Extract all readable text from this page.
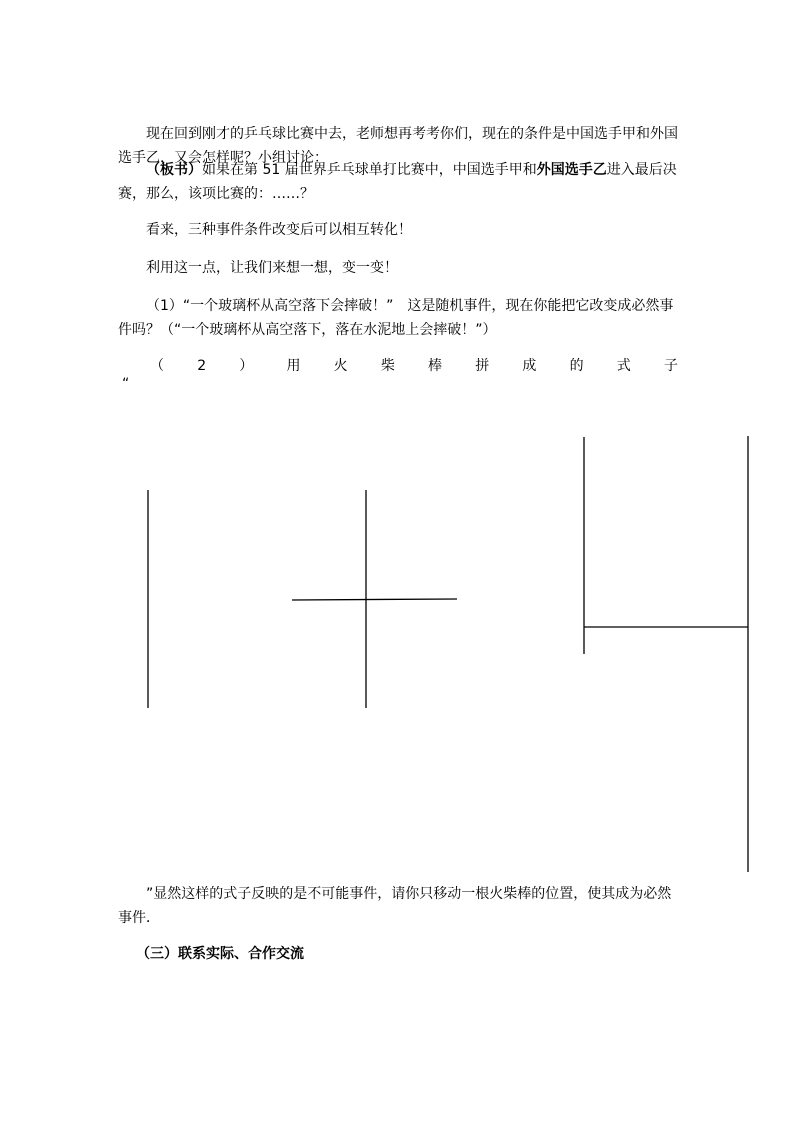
现在回到刚才的乒乓球比赛中去，老师想再考考你们，现在的条件是中国选手甲和外国选手乙，又会怎样呢？小组讨论：

（板书）如果在第 51 届世界乒乓球单打比赛中，中国选手甲和外国选手乙进入最后决赛，那么，该项比赛的：……？

看来，三种事件条件改变后可以相互转化！

利用这一点，让我们来想一想，变一变！

（1）“一个玻璃杯从高空落下会摔破！”　这是随机事件，现在你能把它改变成必然事件吗？（“一个玻璃杯从高空落下，落在水泥地上会摔破！”）

（ 2 ） 用 火 柴 棒 拼 成 的 式 子
“

”显然这样的式子反映的是不可能事件，请你只移动一根火柴棒的位置，使其成为必然事件．

（三）联系实际、合作交流
